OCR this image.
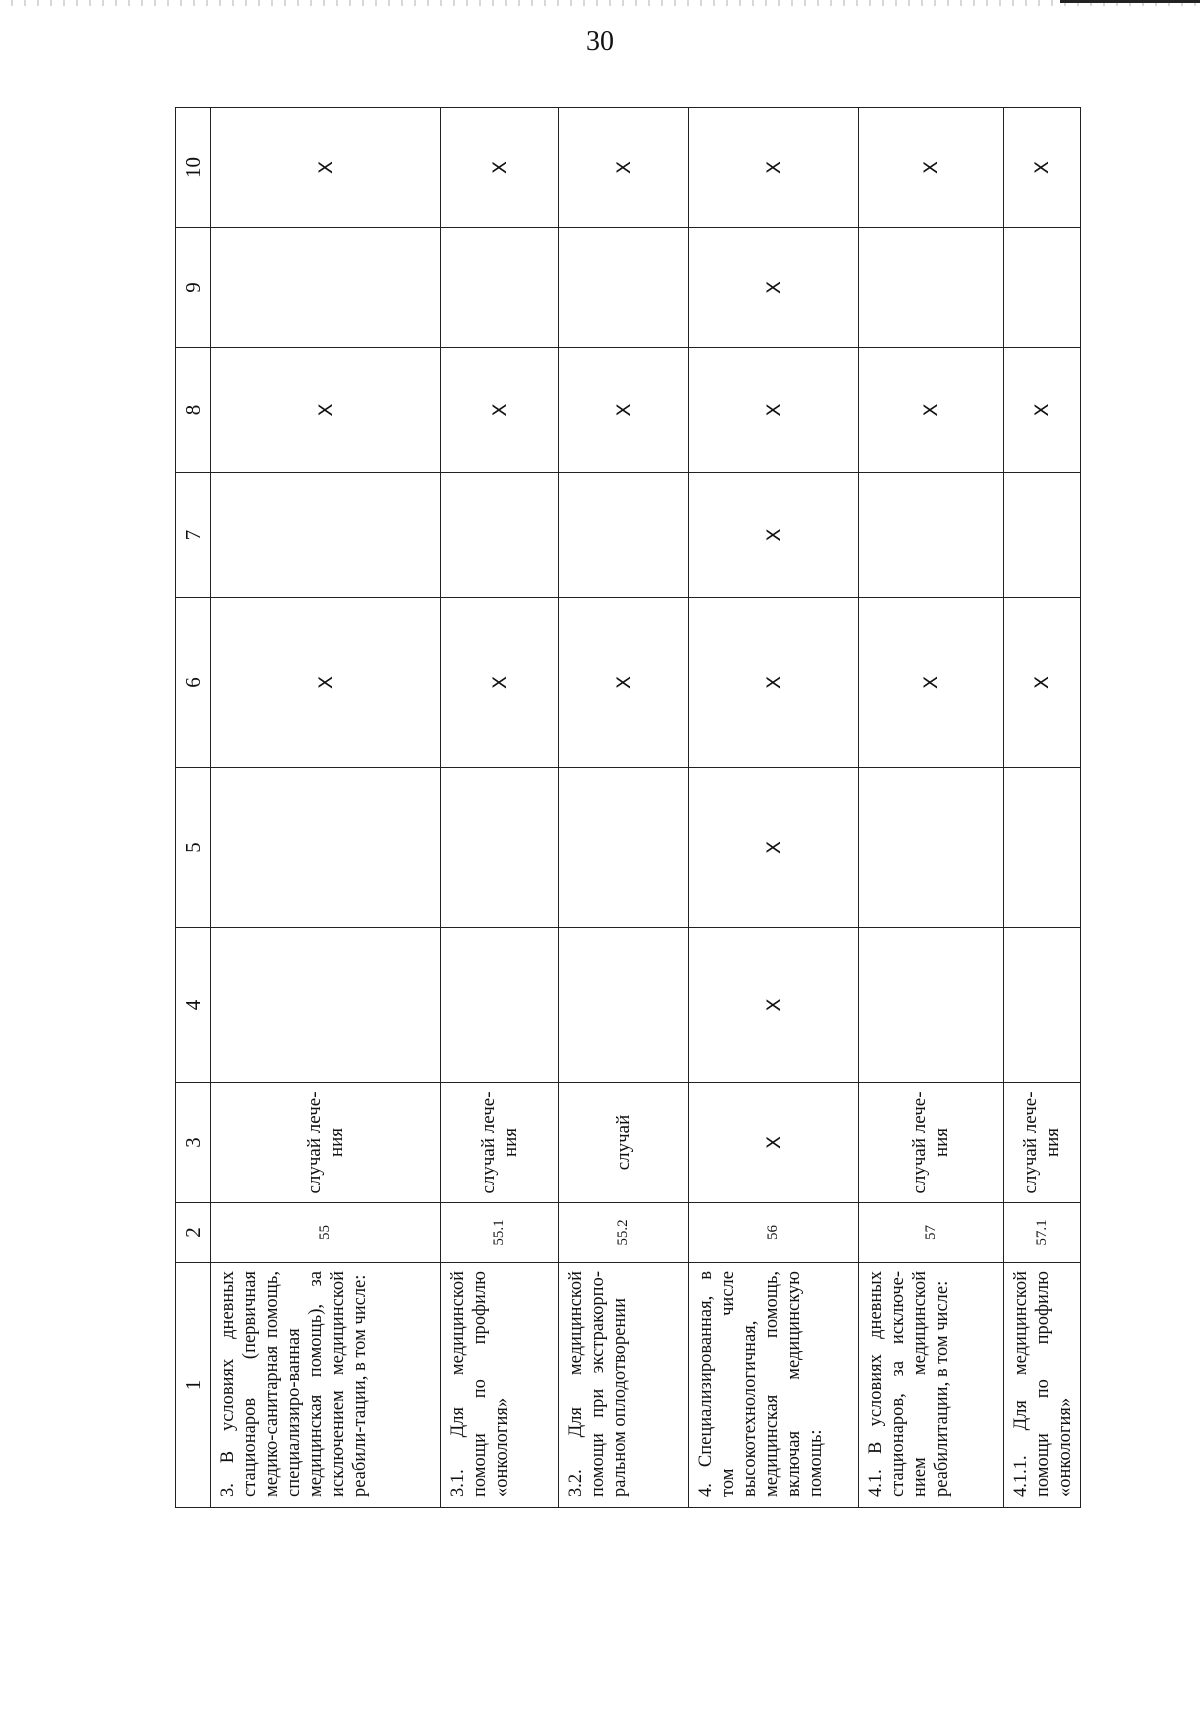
30
1	2	3	4	5	6	7	8	9	10
3. В условиях дневных стационаров (первичная медико-санитарная помощь, специализиро-ванная медицинская помощь), за исключением медицинской реабили-тации, в том числе:	55	случай лече-ния			X		X		X
3.1. Для медицинской помощи по профилю «онкология»	55.1	случай лече-ния			X		X		X
3.2. Для медицинской помощи при экстракорпо-ральном оплодотворении	55.2	случай			X		X		X
4. Специализированная, в том числе высокотехнологичная, медицинская помощь, включая медицинскую помощь:	56	X	X	X	X	X	X	X	X
4.1. В условиях дневных стационаров, за исключе-нием медицинской реабилитации, в том числе:	57	случай лече-ния			X		X		X
4.1.1. Для медицинской помощи по профилю «онкология»	57.1	случай лече-ния			X		X		X
